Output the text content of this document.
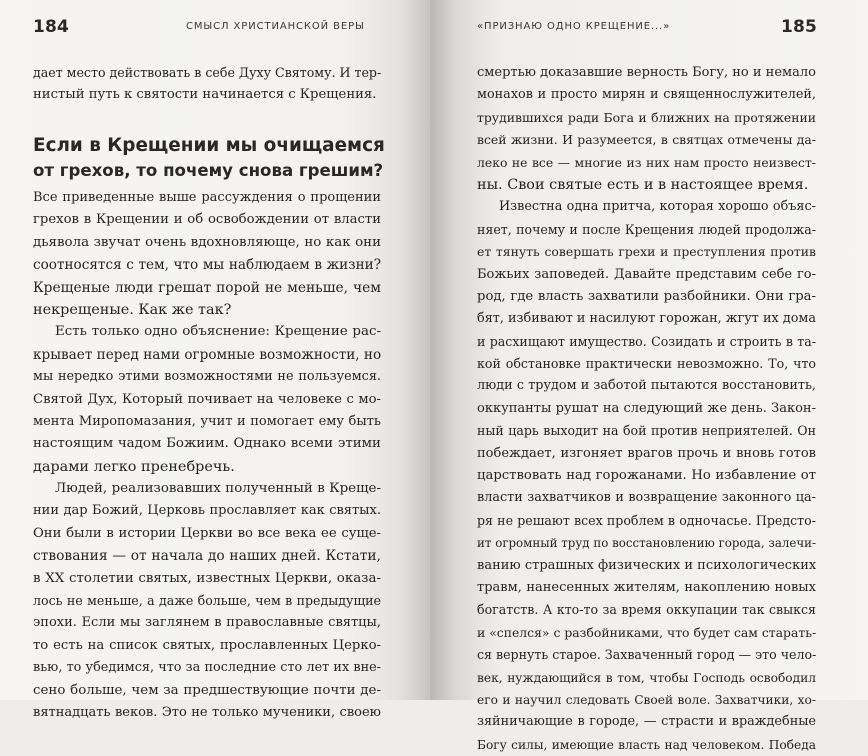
184	СМЫСЛ ХРИСТИАНСКОЙ ВЕРЫ
дает место действовать в себе Духу Святому. И тер-
нистый путь к святости начинается с Крещения.
Если в Крещении мы очищаемся
от грехов, то почему снова грешим?
Все приведенные выше рассуждения о прощении
грехов в Крещении и об освобождении от власти
дьявола звучат очень вдохновляюще, но как они
соотносятся с тем, что мы наблюдаем в жизни?
Крещеные люди грешат порой не меньше, чем
некрещеные. Как же так?
Есть только одно объяснение: Крещение рас-
крывает перед нами огромные возможности, но
мы нередко этими возможностями не пользуемся.
Святой Дух, Который почивает на человеке с мо-
мента Миропомазания, учит и помогает ему быть
настоящим чадом Божиим. Однако всеми этими
дарами легко пренебречь.
Людей, реализовавших полученный в Крещe-
нии дар Божий, Церковь прославляет как святых.
Они были в истории Церкви во все века ее суще-
ствования — от начала до наших дней. Кстати,
в XX столетии святых, известных Церкви, оказа-
лось не меньше, а даже больше, чем в предыдущие
эпохи. Если мы заглянем в православные святцы,
то есть на список святых, прославленных Церко-
вью, то убедимся, что за последние сто лет их вне-
сено больше, чем за предшествующие почти де-
вятнадцать веков. Это не только мученики, своею
«ПРИЗНАЮ ОДНО КРЕЩЕНИЕ...»	185
смертью доказавшие верность Богу, но и немало
монахов и просто мирян и священнослужителей,
трудившихся ради Бога и ближних на протяжении
всей жизни. И разумеется, в святцах отмечены да-
леко не все — многие из них нам просто неизвест-
ны. Свои святые есть и в настоящее время.
Известна одна притча, которая хорошо объяс-
няет, почему и после Крещения людей продолжа-
ет тянуть совершать грехи и преступления против
Божьих заповедей. Давайте представим себе го-
род, где власть захватили разбойники. Они гра-
бят, избивают и насилуют горожан, жгут их дома
и расхищают имущество. Созидать и строить в та-
кой обстановке практически невозможно. То, что
люди с трудом и заботой пытаются восстановить,
оккупанты рушат на следующий же день. Закон-
ный царь выходит на бой против неприятелей. Он
побеждает, изгоняет врагов прочь и вновь готов
царствовать над горожанами. Но избавление от
власти захватчиков и возвращение законного ца-
ря не решают всех проблем в одночасье. Предсто-
ит огромный труд по восстановлению города, залечи-
ванию страшных физических и психологических
травм, нанесенных жителям, накоплению новых
богатств. А кто-то за время оккупации так свыкся
и «спелся» с разбойниками, что будет сам старать-
ся вернуть старое. Захваченный город — это чело-
век, нуждающийся в том, чтобы Господь освободил
его и научил следовать Своей воле. Захватчики, хо-
зяйничающие в городе, — страсти и враждебные
Богу силы, имеющие власть над человеком. Победа
